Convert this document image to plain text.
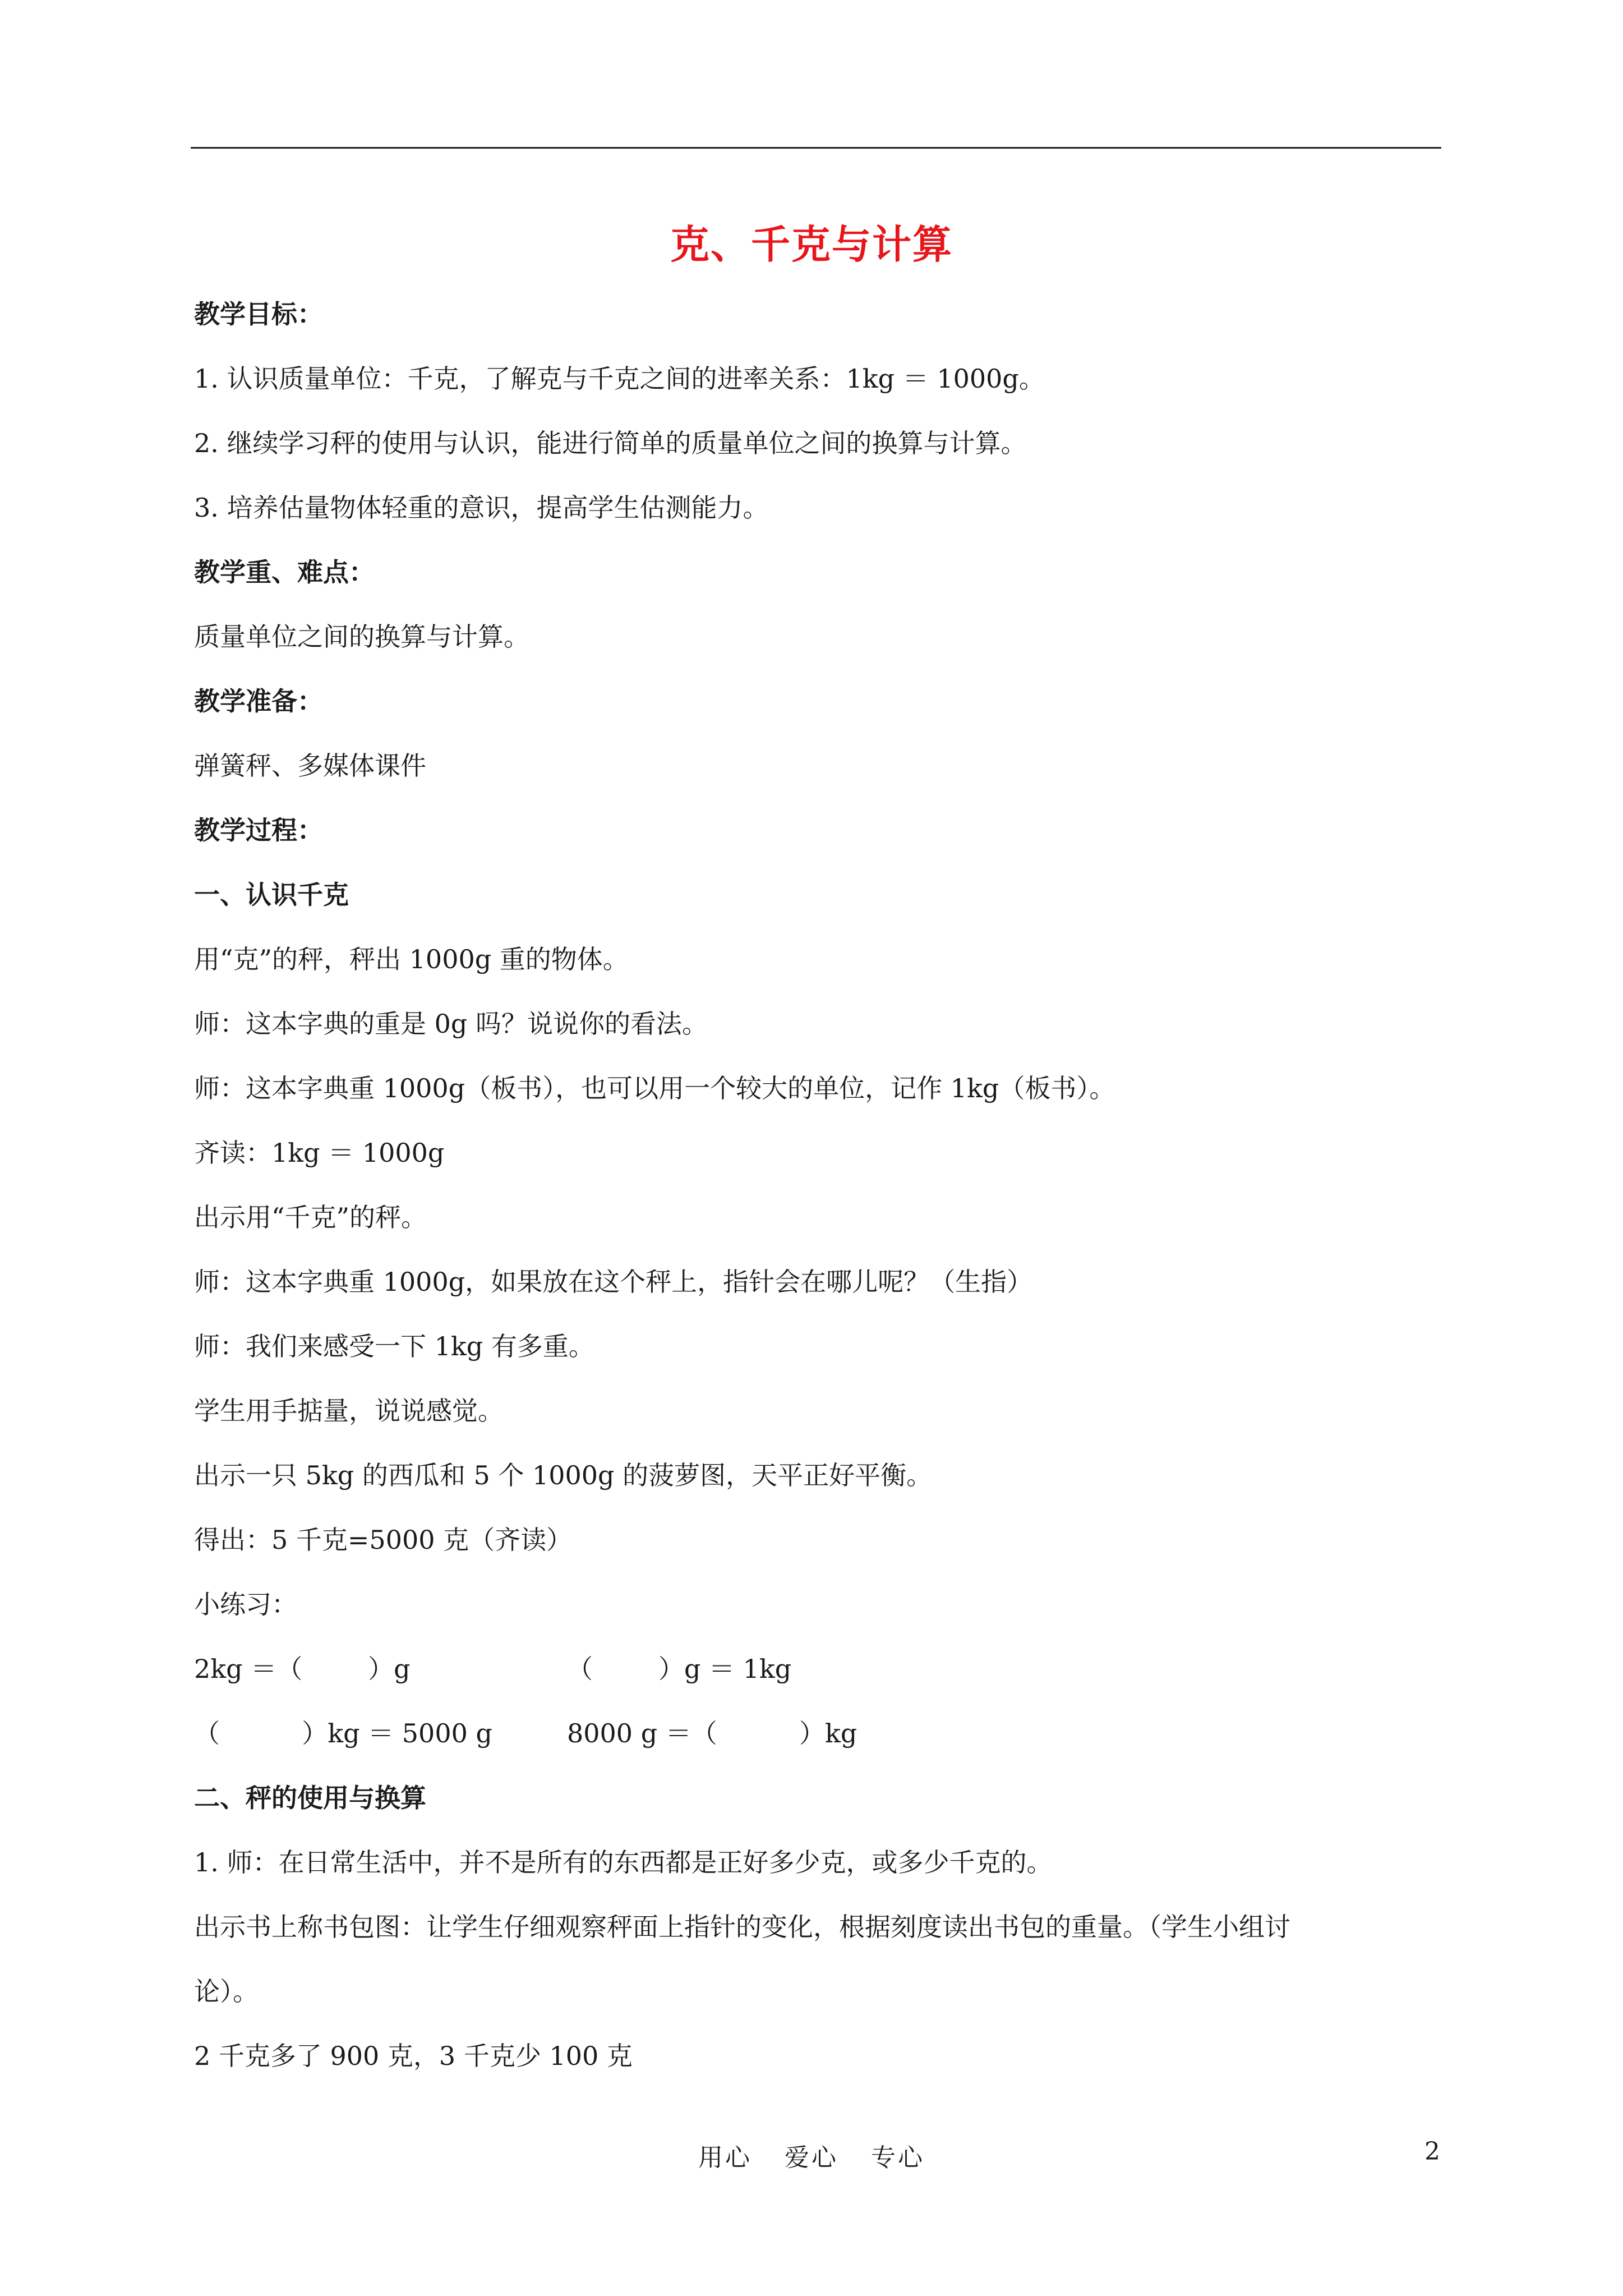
克、千克与计算
教学目标：
1. 认识质量单位：千克，了解克与千克之间的进率关系：1kg ＝ 1000g。
2. 继续学习秤的使用与认识，能进行简单的质量单位之间的换算与计算。
3. 培养估量物体轻重的意识，提高学生估测能力。
教学重、难点：
质量单位之间的换算与计算。
教学准备：
弹簧秤、多媒体课件
教学过程：
一、认识千克
用“克”的秤，秤出 1000g 重的物体。
师：这本字典的重是 0g 吗？说说你的看法。
师：这本字典重 1000g（板书），也可以用一个较大的单位，记作 1kg（板书）。
齐读：1kg ＝ 1000g
出示用“千克”的秤。
师：这本字典重 1000g，如果放在这个秤上，指针会在哪儿呢？（生指）
师：我们来感受一下 1kg 有多重。
学生用手掂量，说说感觉。
出示一只 5kg 的西瓜和 5 个 1000g 的菠萝图，天平正好平衡。
得出：5 千克=5000 克（齐读）
小练习：
2kg ＝（        ）g	（        ）g ＝ 1kg
（          ）kg ＝ 5000 g	8000 g ＝（          ）kg
二、秤的使用与换算
1. 师：在日常生活中，并不是所有的东西都是正好多少克，或多少千克的。
出示书上称书包图：让学生仔细观察秤面上指针的变化，根据刻度读出书包的重量。（学生小组讨
论）。
2 千克多了 900 克，3 千克少 100 克
用心 爱心 专心	2
